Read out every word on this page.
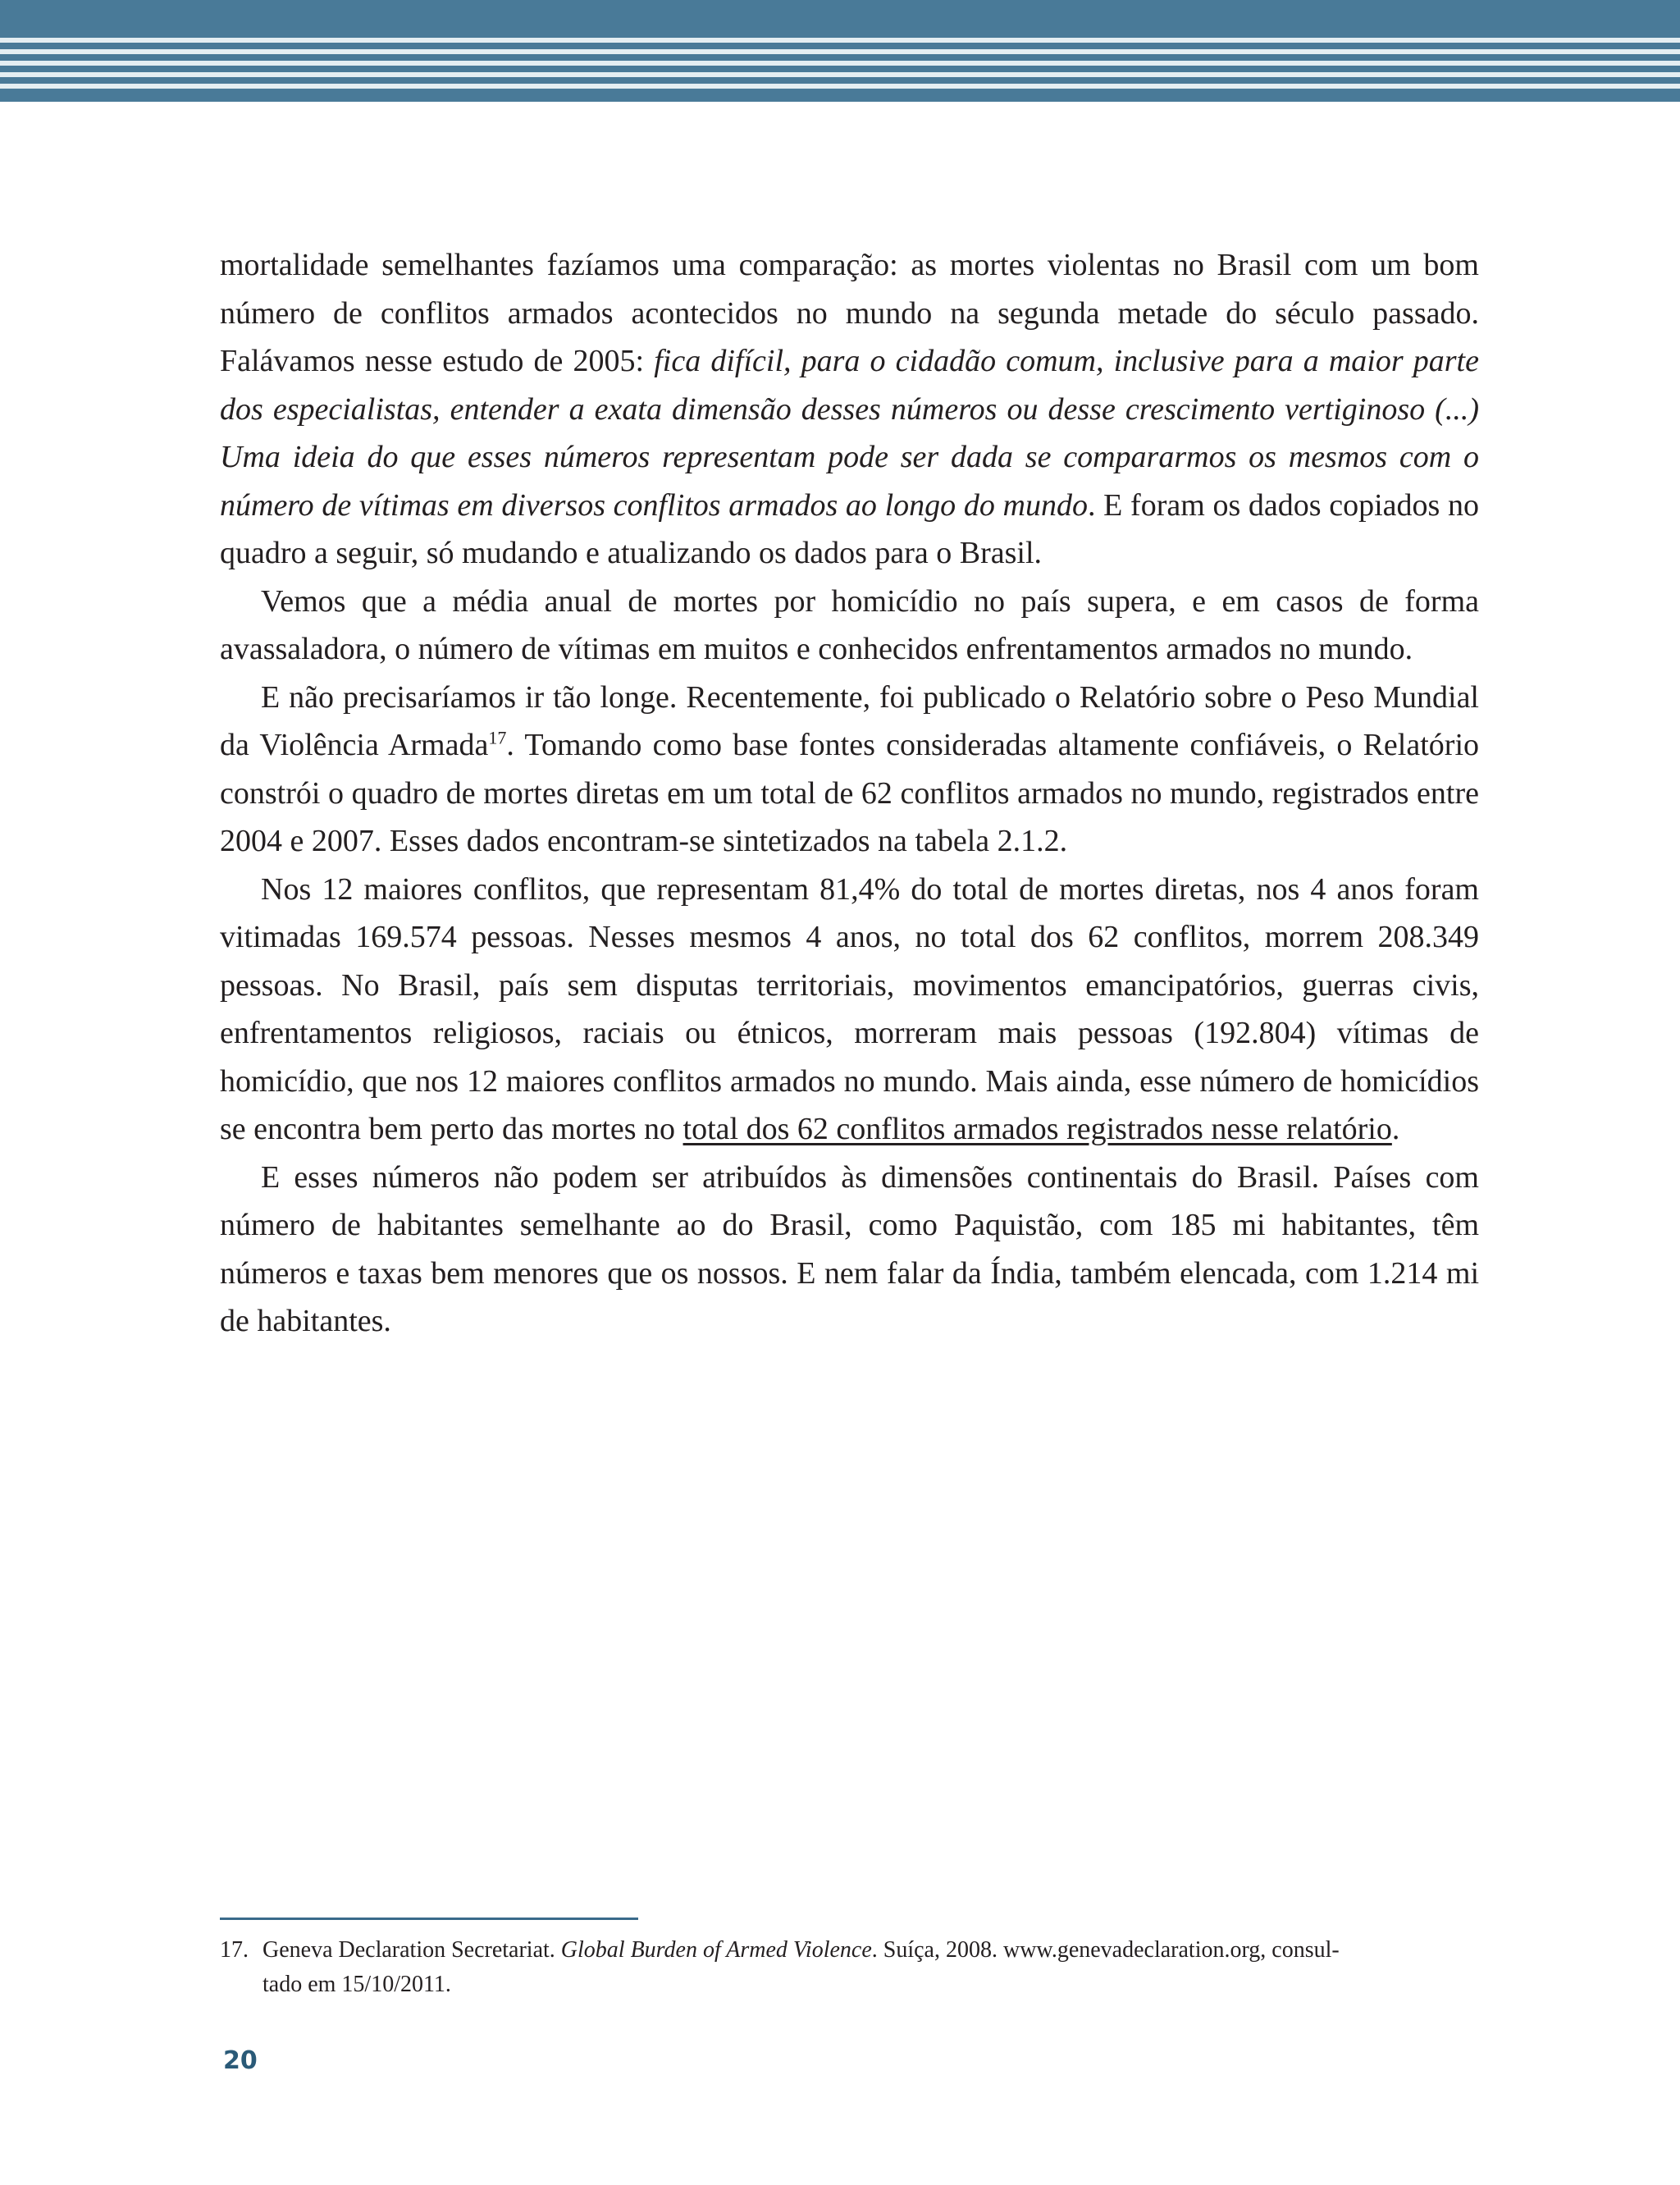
mortalidade semelhantes fazíamos uma comparação: as mortes violentas no Brasil com um bom número de conflitos armados acontecidos no mundo na segunda metade do século passado. Falávamos nesse estudo de 2005: fica difícil, para o cidadão comum, inclusive para a maior parte dos especialistas, entender a exata dimensão desses números ou desse crescimento vertiginoso (...) Uma ideia do que esses números representam pode ser dada se compararmos os mesmos com o número de vítimas em diversos conflitos armados ao longo do mundo. E foram os dados copiados no quadro a seguir, só mudando e atualizando os dados para o Brasil.

Vemos que a média anual de mortes por homicídio no país supera, e em casos de forma avassaladora, o número de vítimas em muitos e conhecidos enfrentamentos armados no mundo.

E não precisaríamos ir tão longe. Recentemente, foi publicado o Relatório sobre o Peso Mundial da Violência Armada$^{17}$. Tomando como base fontes consideradas altamente confiáveis, o Relatório constrói o quadro de mortes diretas em um total de 62 conflitos armados no mundo, registrados entre 2004 e 2007. Esses dados encontram-se sintetizados na tabela 2.1.2.

Nos 12 maiores conflitos, que representam 81,4% do total de mortes diretas, nos 4 anos foram vitimadas 169.574 pessoas. Nesses mesmos 4 anos, no total dos 62 conflitos, morrem 208.349 pessoas. No Brasil, país sem disputas territoriais, movimentos emancipatórios, guerras civis, enfrentamentos religiosos, raciais ou étnicos, morreram mais pessoas (192.804) vítimas de homicídio, que nos 12 maiores conflitos armados no mundo. Mais ainda, esse número de homicídios se encontra bem perto das mortes no total dos 62 conflitos armados registrados nesse relatório.

E esses números não podem ser atribuídos às dimensões continentais do Brasil. Países com número de habitantes semelhante ao do Brasil, como Paquistão, com 185 mi habitantes, têm números e taxas bem menores que os nossos. E nem falar da Índia, também elencada, com 1.214 mi de habitantes.

17. Geneva Declaration Secretariat. Global Burden of Armed Violence. Suíça, 2008. www.genevadeclaration.org, consul-
tado em 15/10/2011.
20
